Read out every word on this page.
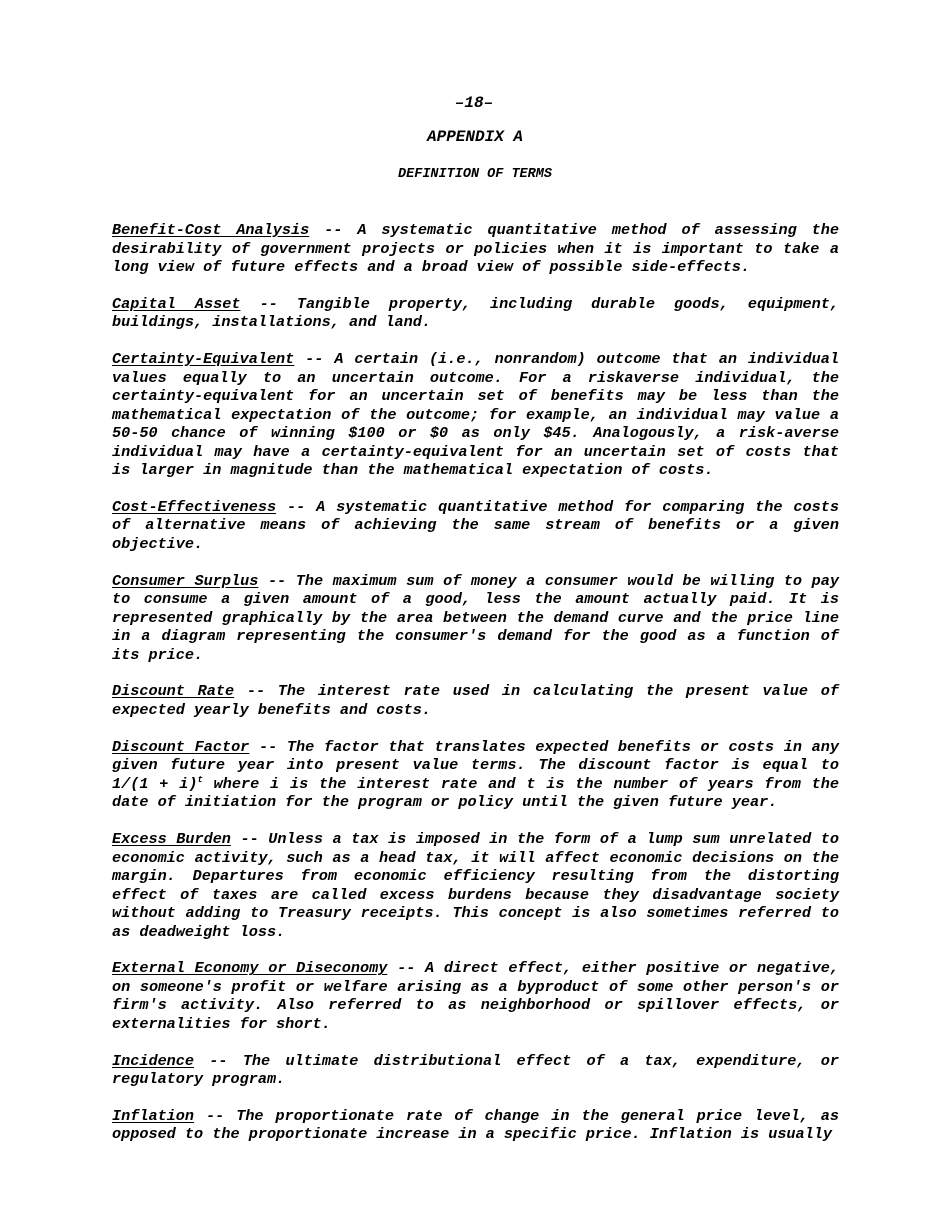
–18–
APPENDIX A
DEFINITION OF TERMS

Benefit-Cost Analysis -- A systematic quantitative method of assessing the desirability of government projects or policies when it is important to take a long view of future effects and a broad view of possible side-effects.

Capital Asset -- Tangible property, including durable goods, equipment, buildings, installations, and land.

Certainty-Equivalent -- A certain (i.e., nonrandom) outcome that an individual values equally to an uncertain outcome. For a riskaverse individual, the certainty-equivalent for an uncertain set of benefits may be less than the mathematical expectation of the outcome; for example, an individual may value a 50-50 chance of winning $100 or $0 as only $45. Analogously, a risk-averse individual may have a certainty-equivalent for an uncertain set of costs that is larger in magnitude than the mathematical expectation of costs.

Cost-Effectiveness -- A systematic quantitative method for comparing the costs of alternative means of achieving the same stream of benefits or a given objective.

Consumer Surplus -- The maximum sum of money a consumer would be willing to pay to consume a given amount of a good, less the amount actually paid. It is represented graphically by the area between the demand curve and the price line in a diagram representing the consumer's demand for the good as a function of its price.

Discount Rate -- The interest rate used in calculating the present value of expected yearly benefits and costs.

Discount Factor -- The factor that translates expected benefits or costs in any given future year into present value terms. The discount factor is equal to $1/(1 + i)^t$ where i is the interest rate and t is the number of years from the date of initiation for the program or policy until the given future year.

Excess Burden -- Unless a tax is imposed in the form of a lump sum unrelated to economic activity, such as a head tax, it will affect economic decisions on the margin. Departures from economic efficiency resulting from the distorting effect of taxes are called excess burdens because they disadvantage society without adding to Treasury receipts. This concept is also sometimes referred to as deadweight loss.

External Economy or Diseconomy -- A direct effect, either positive or negative, on someone's profit or welfare arising as a byproduct of some other person's or firm's activity. Also referred to as neighborhood or spillover effects, or externalities for short.

Incidence -- The ultimate distributional effect of a tax, expenditure, or regulatory program.

Inflation -- The proportionate rate of change in the general price level, as opposed to the proportionate increase in a specific price. Inflation is usually
